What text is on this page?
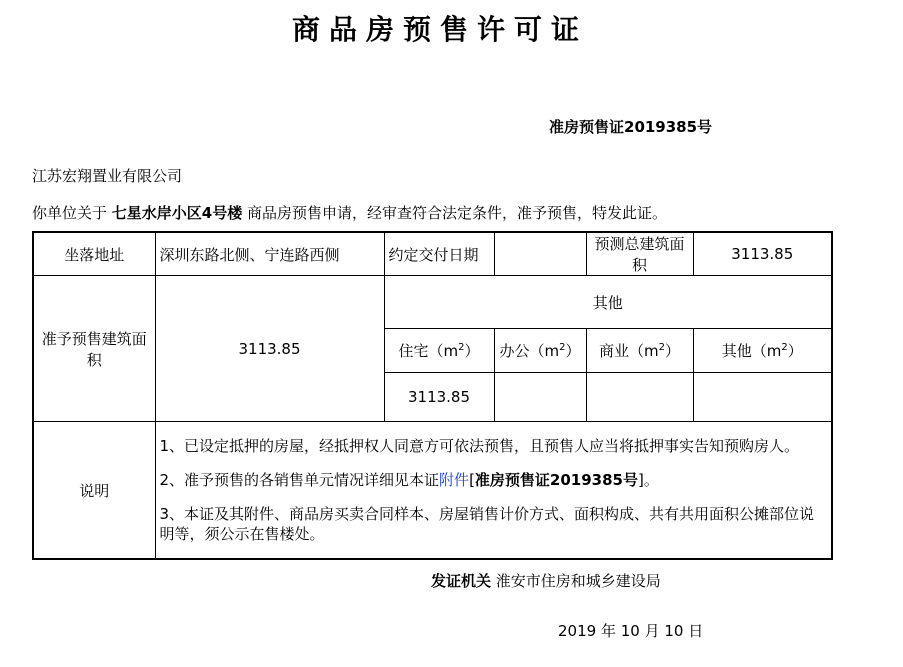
商品房预售许可证
准房预售证2019385号
江苏宏翔置业有限公司
你单位关于 七星水岸小区4号楼 商品房预售申请，经审查符合法定条件，准予预售，特发此证。
坐落地址	深圳东路北侧、宁连路西侧	约定交付日期		预测总建筑面积	3113.85
准予预售建筑面积	3113.85	其他			
		住宅$(m^2)$	办公$(m^2)$	商业$(m^2)$	其他$(m^2)$
		3113.85			
说明	1、已设定抵押的房屋，经抵押权人同意方可依法预售，且预售人应当将抵押事实告知预购房人。

2、准予预售的各销售单元情况详细见本证附件[准房预售证2019385号]。

3、本证及其附件、商品房买卖合同样本、房屋销售计价方式、面积构成、共有共用面积公摊部位说明等，须公示在售楼处。				

发证机关 淮安市住房和城乡建设局
2019 年 10 月 10 日
